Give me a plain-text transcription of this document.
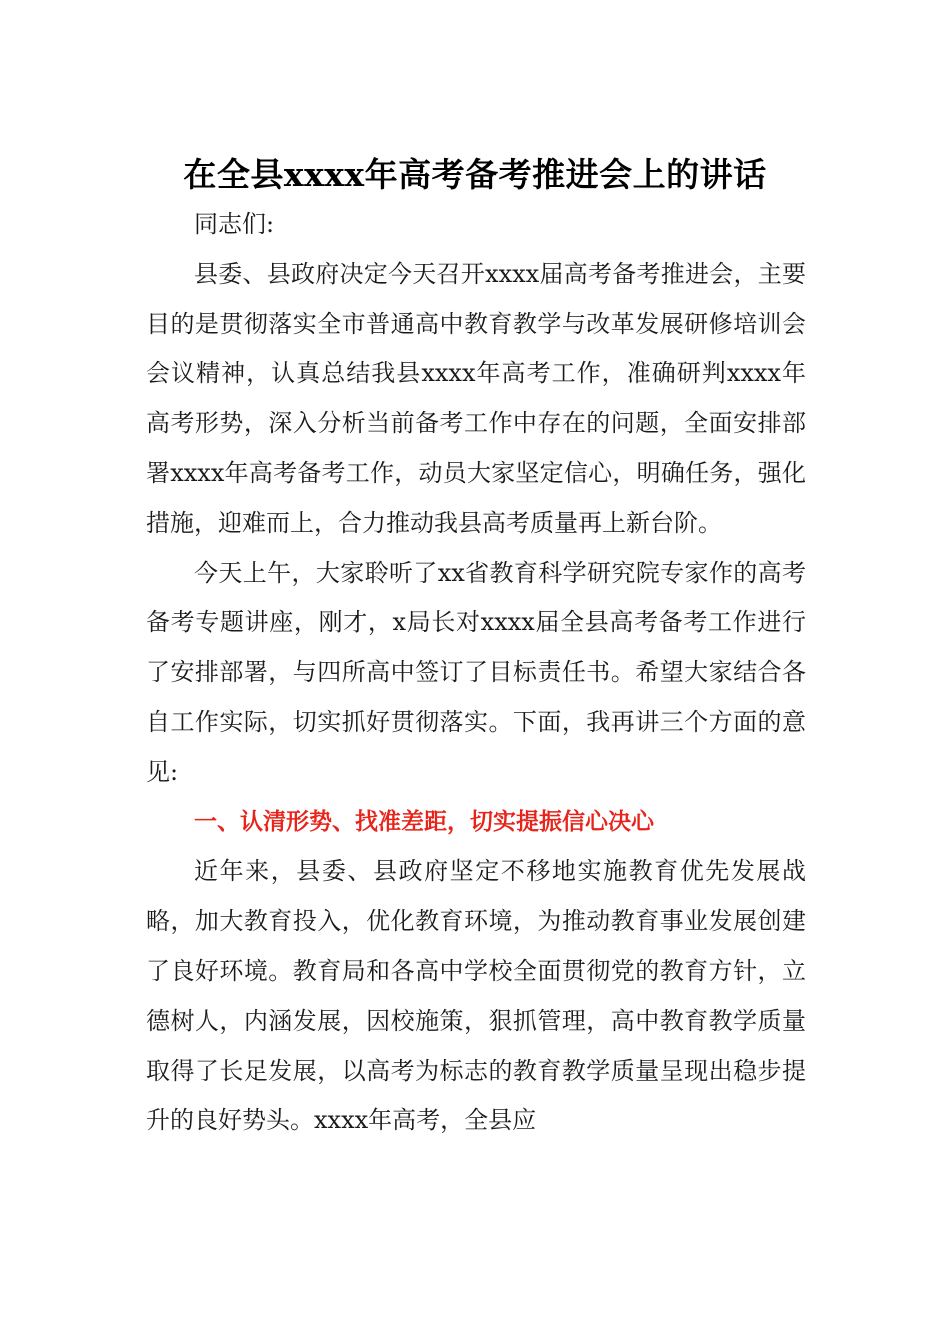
在全县xxxx年高考备考推进会上的讲话

同志们:

县委、县政府决定今天召开xxxx届高考备考推进会，主要目的是贯彻落实全市普通高中教育教学与改革发展研修培训会会议精神，认真总结我县xxxx年高考工作，准确研判xxxx年高考形势，深入分析当前备考工作中存在的问题，全面安排部署xxxx年高考备考工作，动员大家坚定信心，明确任务，强化措施，迎难而上，合力推动我县高考质量再上新台阶。

今天上午，大家聆听了xx省教育科学研究院专家作的高考备考专题讲座，刚才，x局长对xxxx届全县高考备考工作进行了安排部署，与四所高中签订了目标责任书。希望大家结合各自工作实际，切实抓好贯彻落实。下面，我再讲三个方面的意见:

一、认清形势、找准差距，切实提振信心决心

近年来，县委、县政府坚定不移地实施教育优先发展战略，加大教育投入，优化教育环境，为推动教育事业发展创建了良好环境。教育局和各高中学校全面贯彻党的教育方针，立德树人，内涵发展，因校施策，狠抓管理，高中教育教学质量取得了长足发展，以高考为标志的教育教学质量呈现出稳步提升的良好势头。xxxx年高考，全县应
